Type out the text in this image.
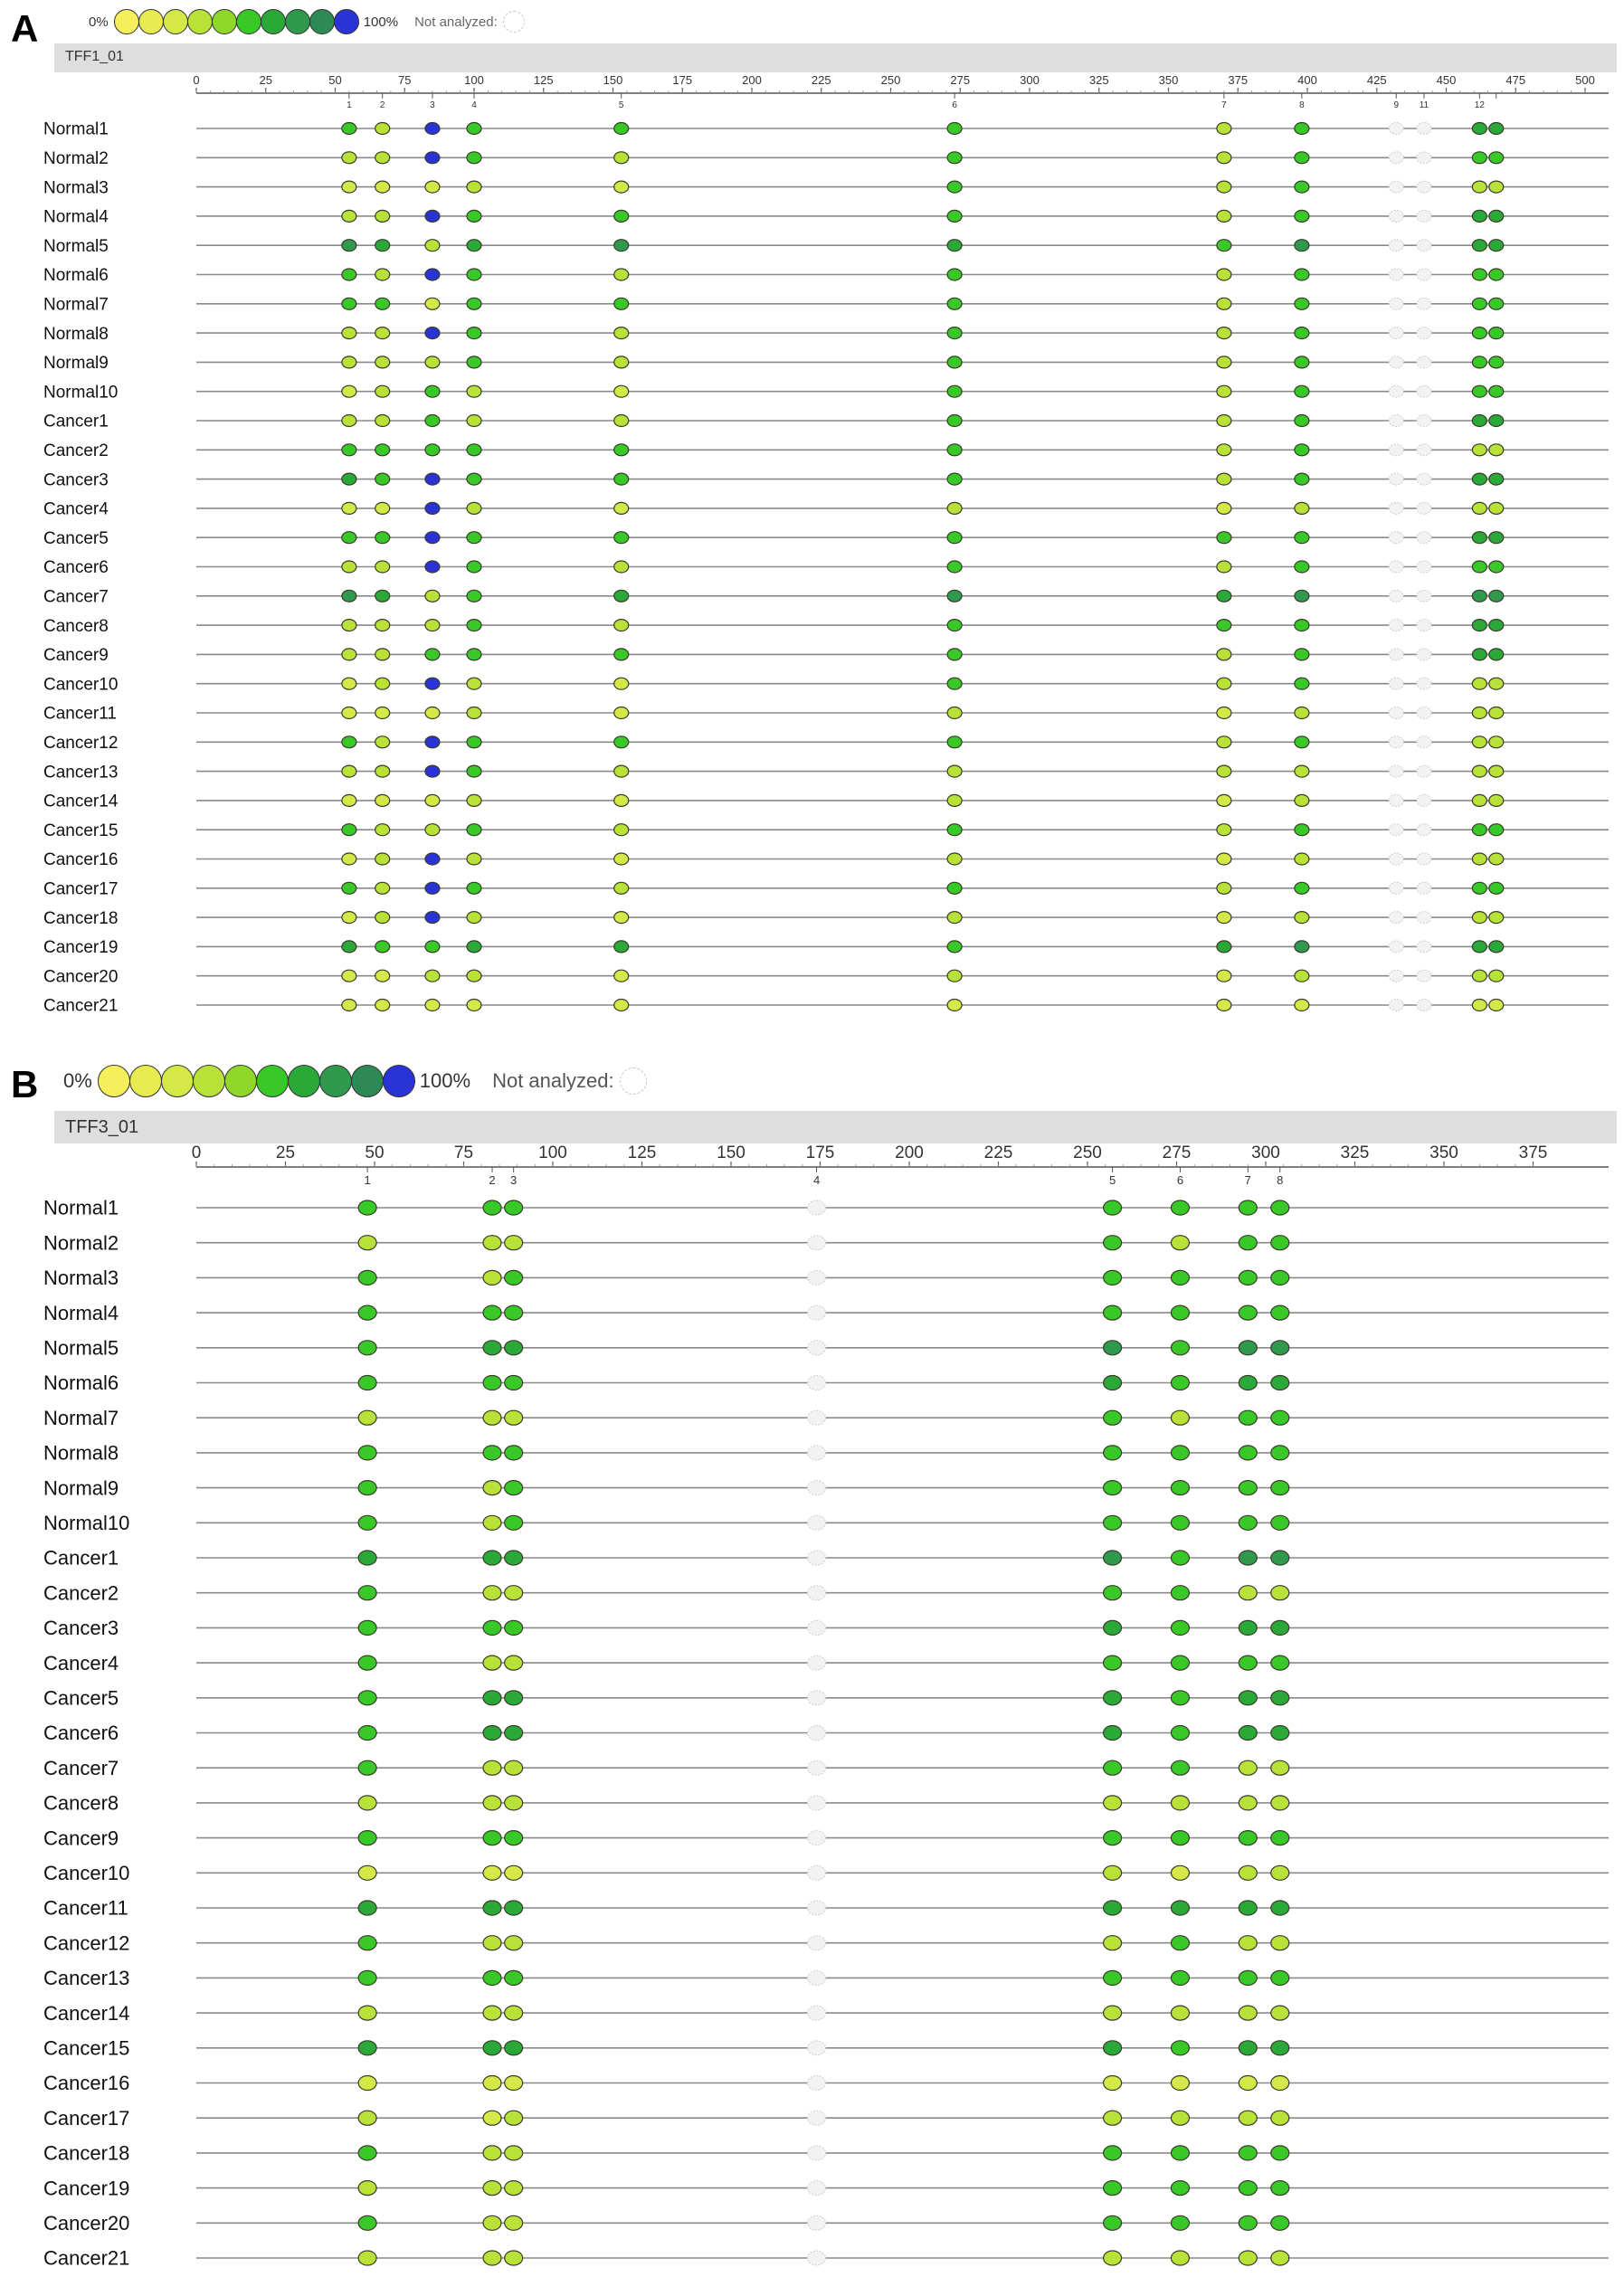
A	0%	100% Not analyzed:
TFF1_01
0	25	50	75	100	125	150	175	200	225	250	275	300	325	350	375	400	425	450	475	500
1	2	3	4	5	6	7	8	9 11	12
Normal1
Normal2
Normal3
Normal4
Normal5
Normal6
Normal7
Normal8
Normal9
Normal10
Cancer1
Cancer2
Cancer3
Cancer4
Cancer5
Cancer6
Cancer7
Cancer8
Cancer9
Cancer10
Cancer11
Cancer12
Cancer13
Cancer14
Cancer15
Cancer16
Cancer17
Cancer18
Cancer19
Cancer20
Cancer21
B 0%	100% Not analyzed:
TFF3_01
0	25	50	75	100	125	150	175	200	225	250	275	300	325	350	375
1	2 3	4	5	6	7 8
Normal1
Normal2
Normal3
Normal4
Normal5
Normal6
Normal7
Normal8
Normal9
Normal10
Cancer1
Cancer2
Cancer3
Cancer4
Cancer5
Cancer6
Cancer7
Cancer8
Cancer9
Cancer10
Cancer11
Cancer12
Cancer13
Cancer14
Cancer15
Cancer16
Cancer17
Cancer18
Cancer19
Cancer20
Cancer21
